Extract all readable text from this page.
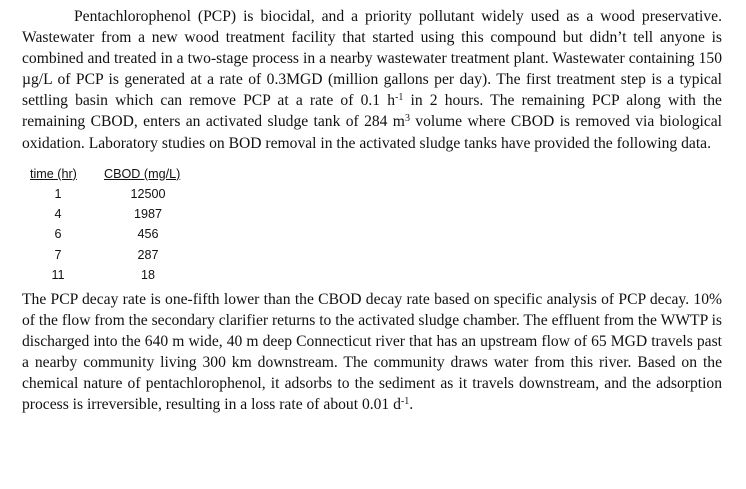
Pentachlorophenol (PCP) is biocidal, and a priority pollutant widely used as a wood preservative. Wastewater from a new wood treatment facility that started using this compound but didn’t tell anyone is combined and treated in a two-stage process in a nearby wastewater treatment plant. Wastewater containing 150 µg/L of PCP is generated at a rate of 0.3MGD (million gallons per day). The first treatment step is a typical settling basin which can remove PCP at a rate of 0.1 $h^{-1}$ in 2 hours. The remaining PCP along with the remaining CBOD, enters an activated sludge tank of 284 $m^3$ volume where CBOD is removed via biological oxidation. Laboratory studies on BOD removal in the activated sludge tanks have provided the following data.

time (hr) CBOD (mg/L)
1	12500
4	1987
6	456
7	287
11	18

The PCP decay rate is one-fifth lower than the CBOD decay rate based on specific analysis of PCP decay. 10% of the flow from the secondary clarifier returns to the activated sludge chamber. The effluent from the WWTP is discharged into the 640 m wide, 40 m deep Connecticut river that has an upstream flow of 65 MGD travels past a nearby community living 300 km downstream. The community draws water from this river. Based on the chemical nature of pentachlorophenol, it adsorbs to the sediment as it travels downstream, and the adsorption process is irreversible, resulting in a loss rate of about 0.01 $d^{-1}$.
